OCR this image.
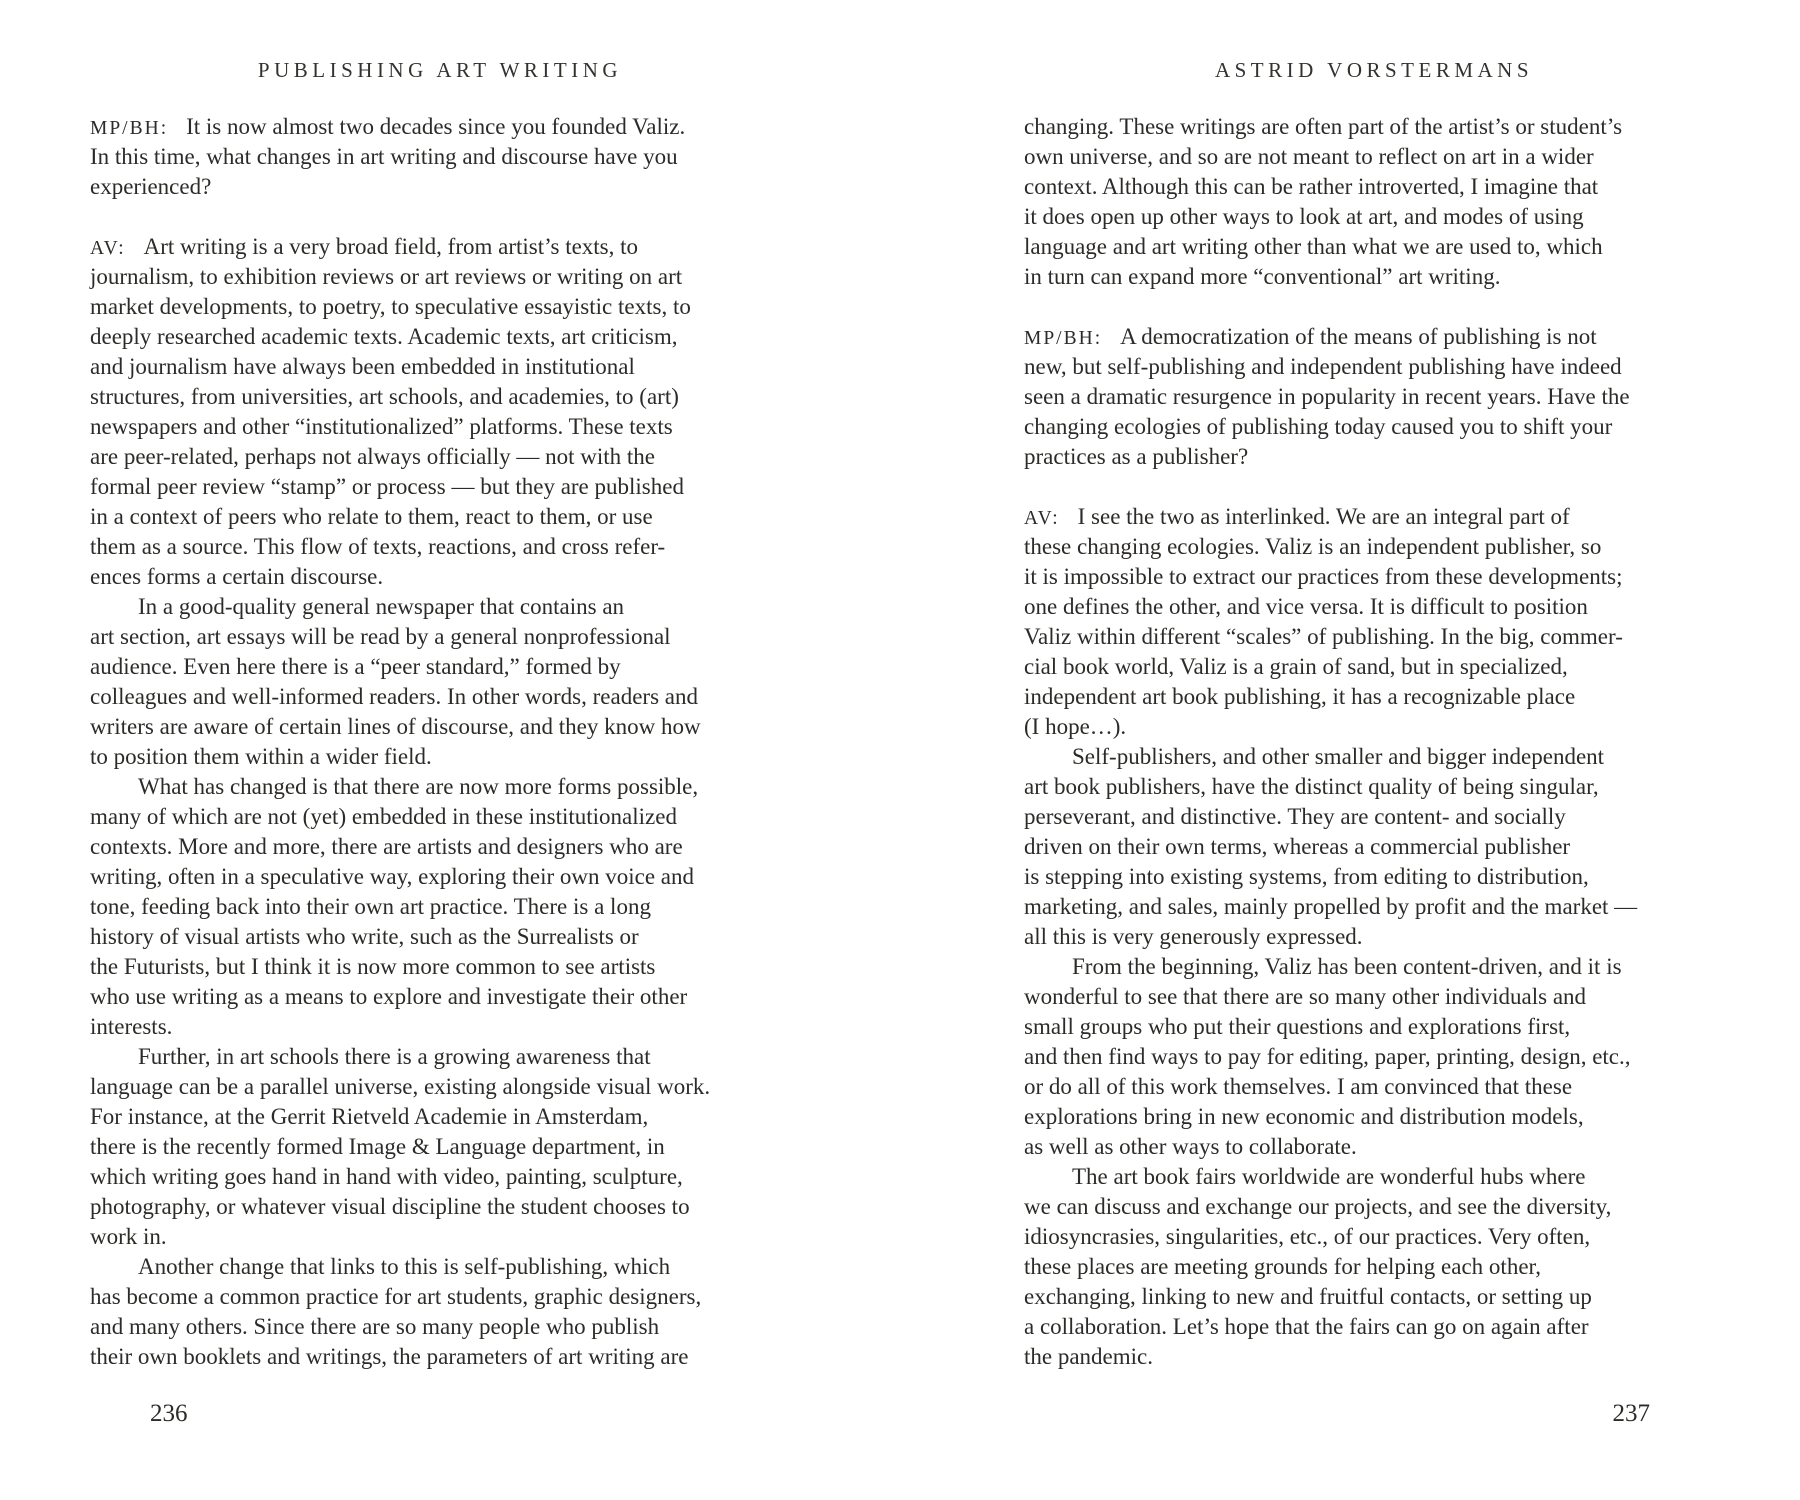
PUBLISHING ART WRITING	ASTRID VORSTERMANS
MP/BH: It is now almost two decades since you founded Valiz.
In this time, what changes in art writing and discourse have you
experienced?
AV: Art writing is a very broad field, from artist’s texts, to
journalism, to exhibition reviews or art reviews or writing on art
market developments, to poetry, to speculative essayistic texts, to
deeply researched academic texts. Academic texts, art criticism,
and journalism have always been embedded in institutional
structures, from universities, art schools, and academies, to (art)
newspapers and other “institutionalized” platforms. These texts
are peer-related, perhaps not always officially — not with the
formal peer review “stamp” or process — but they are published
in a context of peers who relate to them, react to them, or use
them as a source. This flow of texts, reactions, and cross refer-
ences forms a certain discourse.
In a good-quality general newspaper that contains an
art section, art essays will be read by a general nonprofessional
audience. Even here there is a “peer standard,” formed by
colleagues and well-informed readers. In other words, readers and
writers are aware of certain lines of discourse, and they know how
to position them within a wider field.
What has changed is that there are now more forms possible,
many of which are not (yet) embedded in these institutionalized
contexts. More and more, there are artists and designers who are
writing, often in a speculative way, exploring their own voice and
tone, feeding back into their own art practice. There is a long
history of visual artists who write, such as the Surrealists or
the Futurists, but I think it is now more common to see artists
who use writing as a means to explore and investigate their other
interests.
Further, in art schools there is a growing awareness that
language can be a parallel universe, existing alongside visual work.
For instance, at the Gerrit Rietveld Academie in Amsterdam,
there is the recently formed Image & Language department, in
which writing goes hand in hand with video, painting, sculpture,
photography, or whatever visual discipline the student chooses to
work in.
Another change that links to this is self-publishing, which
has become a common practice for art students, graphic designers,
and many others. Since there are so many people who publish
their own booklets and writings, the parameters of art writing are
changing. These writings are often part of the artist’s or student’s
own universe, and so are not meant to reflect on art in a wider
context. Although this can be rather introverted, I imagine that
it does open up other ways to look at art, and modes of using
language and art writing other than what we are used to, which
in turn can expand more “conventional” art writing.
MP/BH: A democratization of the means of publishing is not
new, but self-publishing and independent publishing have indeed
seen a dramatic resurgence in popularity in recent years. Have the
changing ecologies of publishing today caused you to shift your
practices as a publisher?
AV: I see the two as interlinked. We are an integral part of
these changing ecologies. Valiz is an independent publisher, so
it is impossible to extract our practices from these developments;
one defines the other, and vice versa. It is difficult to position
Valiz within different “scales” of publishing. In the big, commer-
cial book world, Valiz is a grain of sand, but in specialized,
independent art book publishing, it has a recognizable place
(I hope…).
Self-publishers, and other smaller and bigger independent
art book publishers, have the distinct quality of being singular,
perseverant, and distinctive. They are content- and socially
driven on their own terms, whereas a commercial publisher
is stepping into existing systems, from editing to distribution,
marketing, and sales, mainly propelled by profit and the market —
all this is very generously expressed.
From the beginning, Valiz has been content-driven, and it is
wonderful to see that there are so many other individuals and
small groups who put their questions and explorations first,
and then find ways to pay for editing, paper, printing, design, etc.,
or do all of this work themselves. I am convinced that these
explorations bring in new economic and distribution models,
as well as other ways to collaborate.
The art book fairs worldwide are wonderful hubs where
we can discuss and exchange our projects, and see the diversity,
idiosyncrasies, singularities, etc., of our practices. Very often,
these places are meeting grounds for helping each other,
exchanging, linking to new and fruitful contacts, or setting up
a collaboration. Let’s hope that the fairs can go on again after
the pandemic.
236	237
